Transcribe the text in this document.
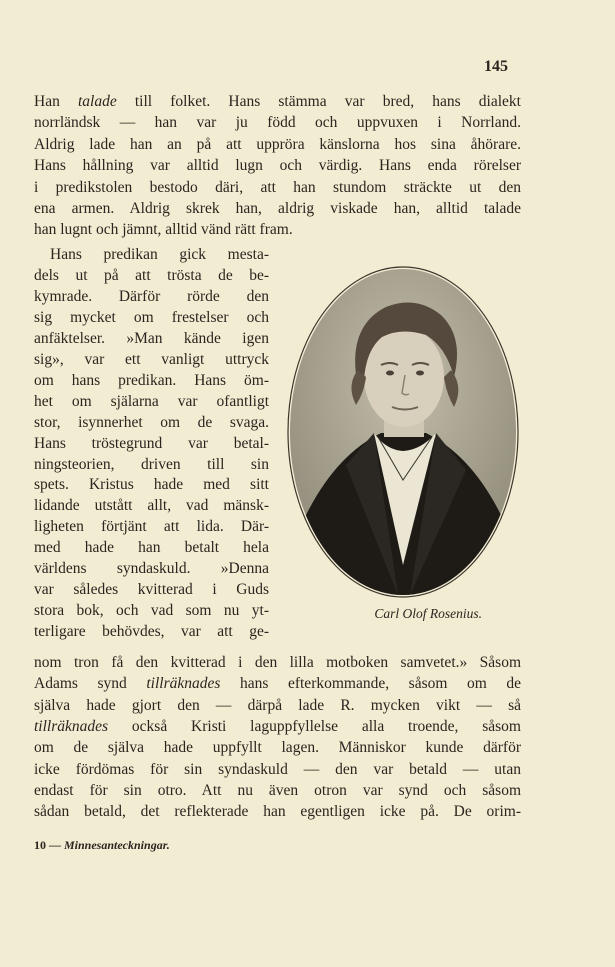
145
Han talade till folket. Hans stämma var bred, hans dialekt
norrländsk — han var ju född och uppvuxen i Norrland.
Aldrig lade han an på att uppröra känslorna hos sina åhörare.
Hans hållning var alltid lugn och värdig. Hans enda rörelser
i predikstolen bestodo däri, att han stundom sträckte ut den
ena armen. Aldrig skrek han, aldrig viskade han, alltid talade
han lugnt och jämnt, alltid vänd rätt fram.
Hans predikan gick mesta-
dels ut på att trösta de be-
kymrade. Därför rörde den
sig mycket om frestelser och
anfäktelser. »Man kände igen
sig», var ett vanligt uttryck
om hans predikan. Hans öm-
het om själarna var ofantligt
stor, isynnerhet om de svaga.
Hans tröstegrund var betal-
ningsteorien, driven till sin
spets. Kristus hade med sitt
lidande utstått allt, vad mänsk-
ligheten förtjänt att lida. Där-
med hade han betalt hela
världens syndaskuld. »Denna
var således kvitterad i Guds
stora bok, och vad som nu yt-
terligare behövdes, var att ge-
nom tron få den kvitterad i den lilla motboken samvetet.» Såsom
Adams synd tillräknades hans efterkommande, såsom om de
själva hade gjort den — därpå lade R. mycken vikt — så
tillräknades också Kristi laguppfyllelse alla troende, såsom
om de själva hade uppfyllt lagen. Människor kunde därför
icke fördömas för sin syndaskuld — den var betald — utan
endast för sin otro. Att nu även otron var synd och såsom
sådan betald, det reflekterade han egentligen icke på. De orim-
Carl Olof Rosenius.
10 — Minnesanteckningar.
